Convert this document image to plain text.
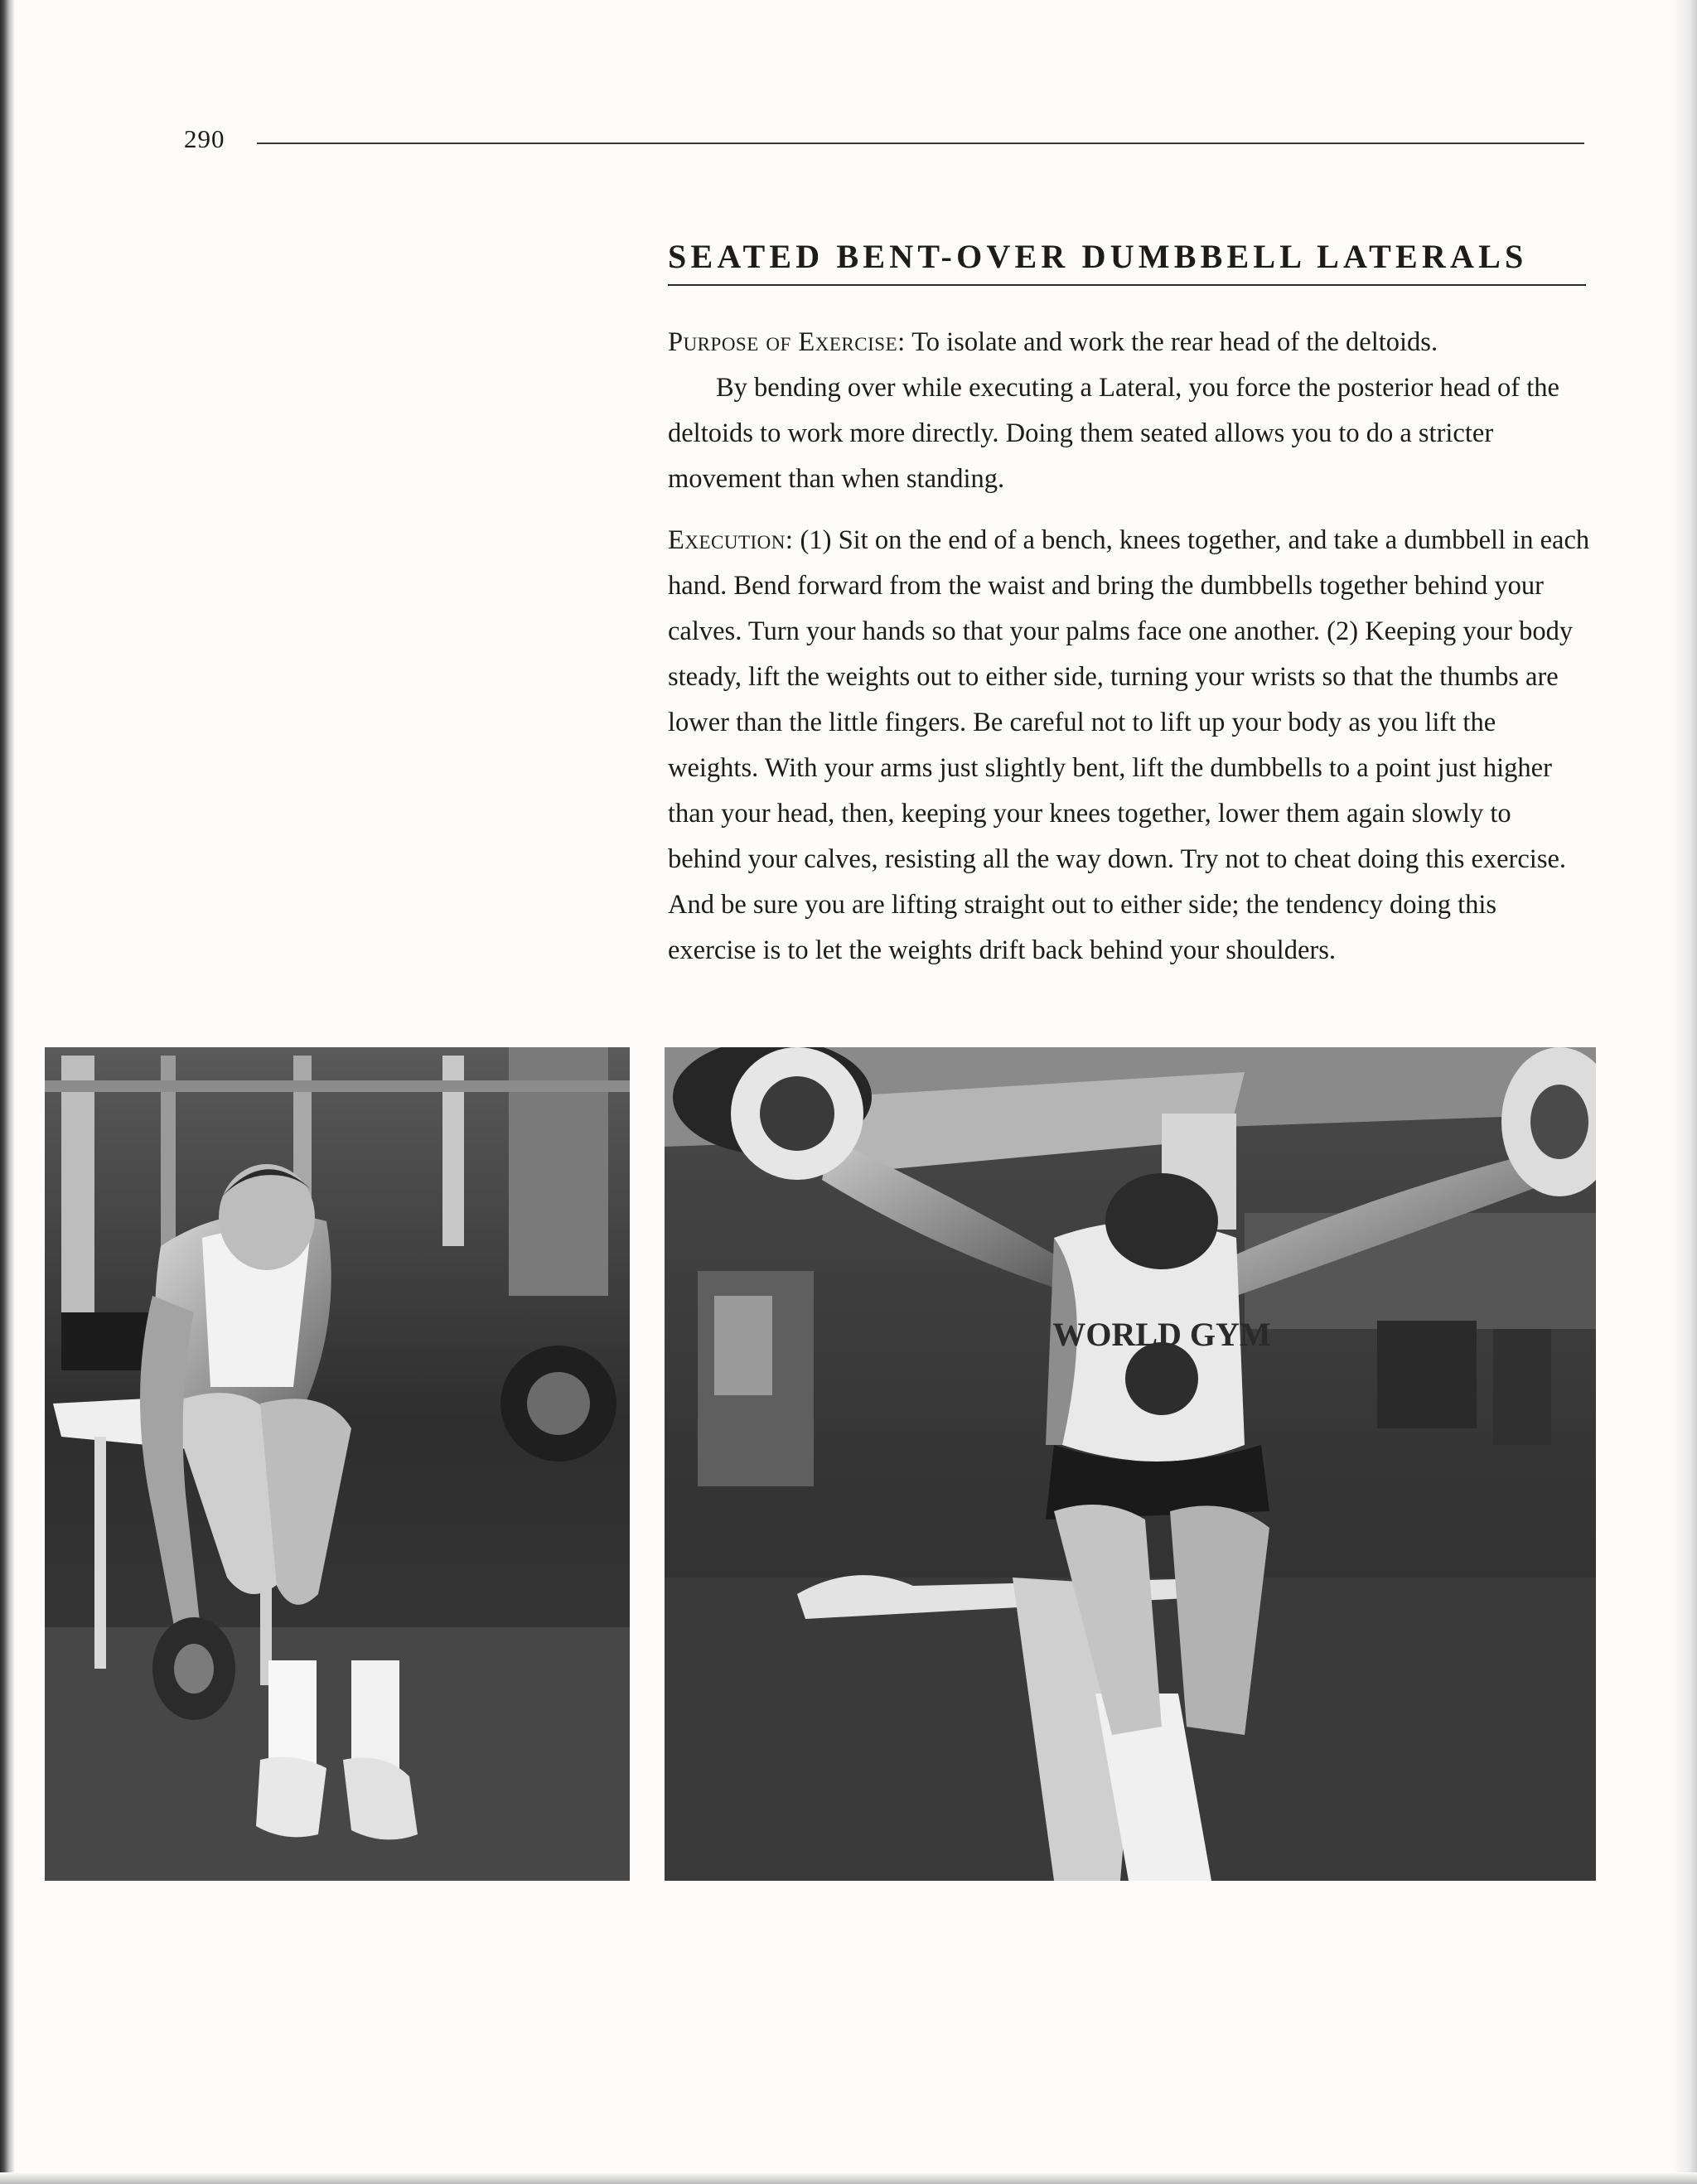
290
SEATED BENT-OVER DUMBBELL LATERALS

Purpose of Exercise: To isolate and work the rear head of the deltoids.

By bending over while executing a Lateral, you force the posterior head of the deltoids to work more directly. Doing them seated allows you to do a stricter movement than when standing.

Execution: (1) Sit on the end of a bench, knees together, and take a dumbbell in each hand. Bend forward from the waist and bring the dumbbells together behind your calves. Turn your hands so that your palms face one another. (2) Keeping your body steady, lift the weights out to either side, turning your wrists so that the thumbs are lower than the little fingers. Be careful not to lift up your body as you lift the weights. With your arms just slightly bent, lift the dumbbells to a point just higher than your head, then, keeping your knees together, lower them again slowly to behind your calves, resisting all the way down. Try not to cheat doing this exercise. And be sure you are lifting straight out to either side; the tendency doing this exercise is to let the weights drift back behind your shoulders.

WORLD GYM
